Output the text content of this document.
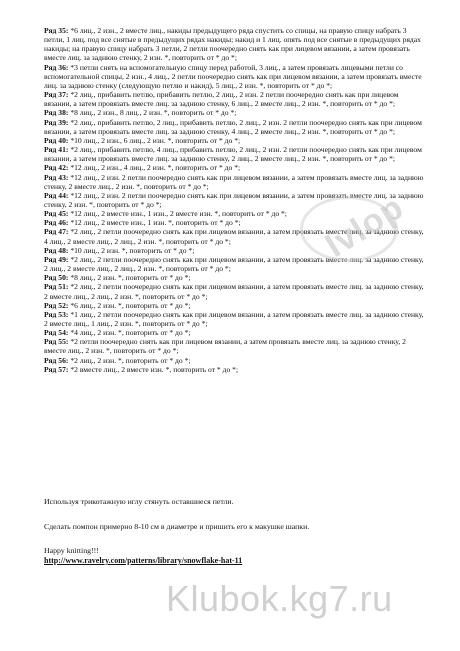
Ряд 35: *6 лиц., 2 изн., 2 вместе лиц., накиды предыдущего ряда спустить со спицы, на правую спицу набрать 3 петли, 1 лиц. под все снятые в предыдущих рядах накиды; накид и 1 лиц. опять под все снятые в предыдущих рядах накиды; на правую спицу набрать 3 петли, 2 петли поочередно снять как при лицевом вязании, а затем провязать вместе лиц. за заднюю стенку, 2 изн. *, повторить от * до *;

Ряд 36: *3 петли снять на вспомогательную спицу перед работой, 3 лиц., а затем провязать лицевыми петли со вспомогательной спицы, 2 изн., 4 лиц., 2 петли поочередно снять как при лицевом вязании, а затем провязать вместе лиц. за заднюю стенку (следующую петлю и накид), 5 лиц., 2 изн. *, повторить от * до *;

Ряд 37: *2 лиц., прибавить петлю, прибавить петлю, 2 лиц., 2 изн. 2 петли поочередно снять как при лицевом вязании, а затем провязать вместе лиц. за заднюю стенку, 6 лиц., 2 вместе лиц., 2 изн. *, повторить от * до *;

Ряд 38: *8 лиц., 2 изн., 8 лиц., 2 изн. *, повторить от * до *;

Ряд 39: *2 лиц., прибавить петлю, 2 лиц., прибавить петлю, 2 лиц., 2 изн. 2 петли поочередно снять как при лицевом вязании, а затем провязать вместе лиц. за заднюю стенку, 4 лиц., 2 вместе лиц., 2 изн. *, повторить от * до *;

Ряд 40: *10 лиц., 2 изн., 6 лиц., 2 изн. *, повторить от * до *;

Ряд 41: *2 лиц., прибавить петлю, 4 лиц., прибавить петлю, 2 лиц., 2 изн. 2 петли поочередно снять как при лицевом вязании, а затем провязать вместе лиц. за заднюю стенку, 2 лиц., 2 вместе лиц., 2 изн. *, повторить от * до *;

Ряд 42: *12 лиц., 2 изн., 4 лиц., 2 изн. *, повторить от * до *;

Ряд 43: *12 лиц., 2 изн. 2 петли поочередно снять как при лицевом вязании, а затем провязать вместе лиц. за заднюю стенку, 2 вместе лиц., 2 изн. *, повторить от * до *;

Ряд 44: *12 лиц., 2 изн. 2 петли поочередно снять как при лицевом вязании, а затем провязать вместе лиц. за заднюю стенку, 2 изн. *, повторить от * до *;

Ряд 45: *12 лиц., 2 вместе изн., 1 изн., 2 вместе изн. *, повторить от * до *;

Ряд 46: *12 лиц., 2 вместе изн., 1 изн. *, повторить от * до *;

Ряд 47: *2 лиц., 2 петли поочередно снять как при лицевом вязании, а затем провязать вместе лиц. за заднюю стенку, 4 лиц., 2 вместе лиц., 2 лиц., 2 изн. *, повторить от * до *;

Ряд 48: *10 лиц., 2 изн. *, повторить от * до *;

Ряд 49: *2 лиц., 2 петли поочередно снять как при лицевом вязании, а затем провязать вместе лиц. за заднюю стенку, 2 лиц., 2 вместе лиц., 2 лиц., 2 изн. *, повторить от * до *;

Ряд 50: *8 лиц., 2 изн. *, повторить от * до *;

Ряд 51: *2 лиц., 2 петли поочередно снять как при лицевом вязании, а затем провязать вместе лиц. за заднюю стенку, 2 вместе лиц., 2 лиц., 2 изн. *, повторить от * до *;

Ряд 52: *6 лиц., 2 изн. *, повторить от * до *;

Ряд 53: *1 лиц., 2 петли поочередно снять как при лицевом вязании, а затем провязать вместе лиц. за заднюю стенку, 2 вместе лиц., 1 лиц., 2 изн. *, повторить от * до *;

Ряд 54: *4 лиц., 2 изн. *, повторить от * до *;

Ряд 55: *2 петли поочередно снять как при лицевом вязании, а затем провязать вместе лиц. за заднюю стенку, 2 вместе лиц., 2 изн. *, повторить от * до *;

Ряд 56: *2 лиц., 2 изн. *, повторить от * до *;

Ряд 57: *2 вместе лиц., 2 вместе изн. *, повторить от * до *;

Используя трикотажную иглу стянуть оставшиеся петли.
Сделать помпон примерно 8-10 см в диаметре и пришить его к макушке шапки.
Happy knitting!!!
http://www.ravelry.com/patterns/library/snowflake-hat-11
Ivlop
Klubok.kg7.ru
